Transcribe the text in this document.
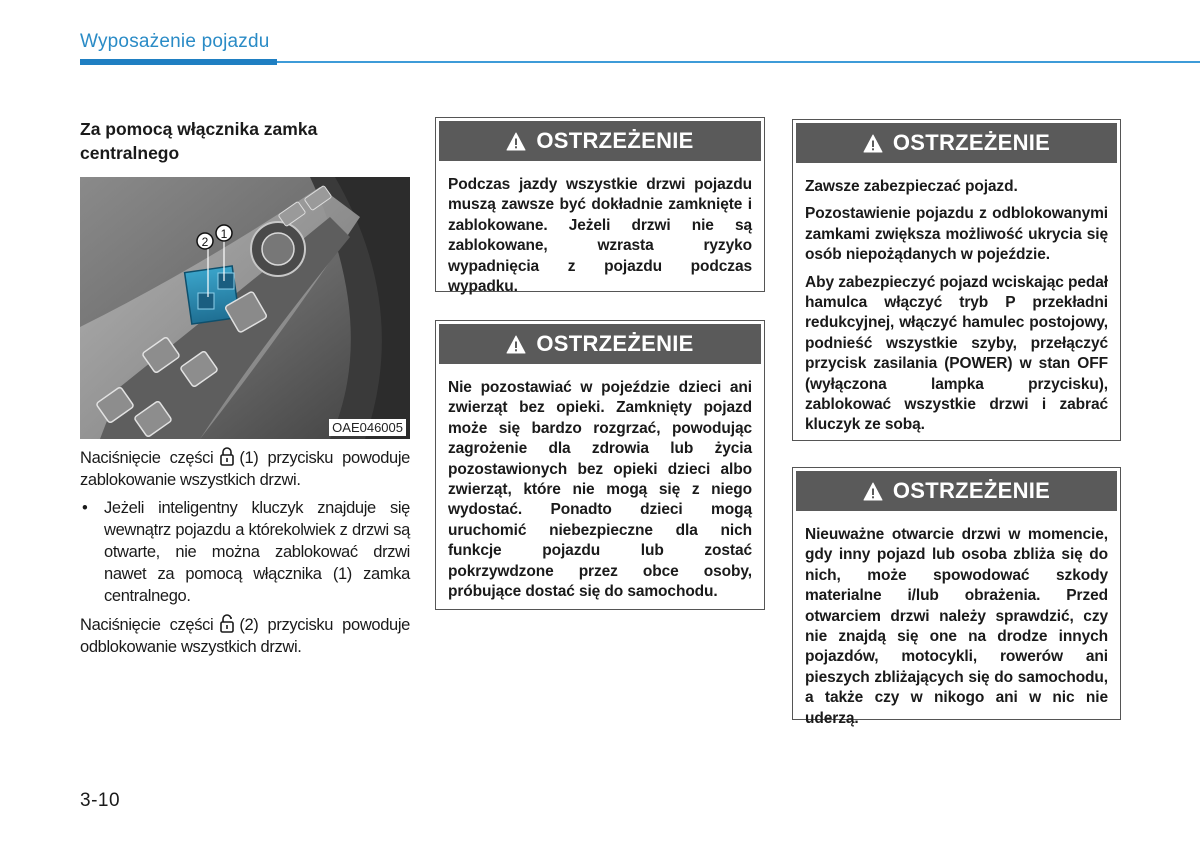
Wyposażenie pojazdu
Za pomocą włącznika zamka centralnego
2
1
OAE046005

Naciśnięcie części (1) przycisku powoduje zablokowanie wszystkich drzwi.

•	Jeżeli inteligentny kluczyk znajduje się wewnątrz pojazdu a którekolwiek z drzwi są otwarte, nie można zablokować drzwi nawet za pomocą włącznika (1) zamka centralnego.

Naciśnięcie części (2) przycisku powoduje odblokowanie wszystkich drzwi.

3-10
OSTRZEŻENIE

Podczas jazdy wszystkie drzwi pojazdu muszą zawsze być dokładnie zamknięte i zablokowane. Jeżeli drzwi nie są zablokowane, wzrasta ryzyko wypadnięcia z pojazdu podczas wypadku.

OSTRZEŻENIE

Nie pozostawiać w pojeździe dzieci ani zwierząt bez opieki. Zamknięty pojazd może się bardzo rozgrzać, powodując zagrożenie dla zdrowia lub życia pozostawionych bez opieki dzieci albo zwierząt, które nie mogą się z niego wydostać. Ponadto dzieci mogą uruchomić niebezpieczne dla nich funkcje pojazdu lub zostać pokrzywdzone przez obce osoby, próbujące dostać się do samochodu.

OSTRZEŻENIE

Zawsze zabezpieczać pojazd.

Pozostawienie pojazdu z odblokowanymi zamkami zwiększa możliwość ukrycia się osób niepożądanych w pojeździe.

Aby zabezpieczyć pojazd wciskając pedał hamulca włączyć tryb P przekładni redukcyjnej, włączyć hamulec postojowy, podnieść wszystkie szyby, przełączyć przycisk zasilania (POWER) w stan OFF (wyłączona lampka przycisku), zablokować wszystkie drzwi i zabrać kluczyk ze sobą.

OSTRZEŻENIE

Nieuważne otwarcie drzwi w momencie, gdy inny pojazd lub osoba zbliża się do nich, może spowodować szkody materialne i/lub obrażenia. Przed otwarciem drzwi należy sprawdzić, czy nie znajdą się one na drodze innych pojazdów, motocykli, rowerów ani pieszych zbliżających się do samochodu, a także czy w nikogo ani w nic nie uderzą.
